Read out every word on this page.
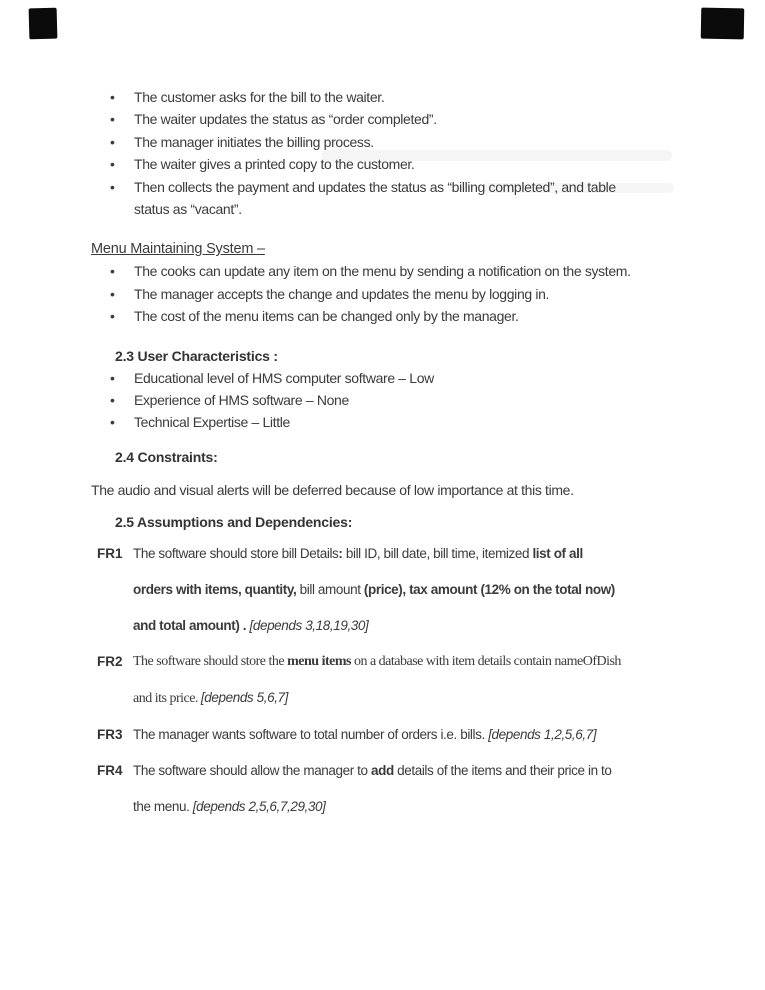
• The customer asks for the bill to the waiter.
• The waiter updates the status as “order completed”.
• The manager initiates the billing process.
• The waiter gives a printed copy to the customer.
• Then collects the payment and updates the status as “billing completed”, and table
status as “vacant”.
Menu Maintaining System –
• The cooks can update any item on the menu by sending a notification on the system.
• The manager accepts the change and updates the menu by logging in.
• The cost of the menu items can be changed only by the manager.
2.3 User Characteristics :
• Educational level of HMS computer software – Low
• Experience of HMS software – None
• Technical Expertise – Little
2.4 Constraints:

The audio and visual alerts will be deferred because of low importance at this time.

2.5 Assumptions and Dependencies:
FR1 The software should store bill Details: bill ID, bill date, bill time, itemized list of all
orders with items, quantity, bill amount (price), tax amount (12% on the total now)
and total amount) . [depends 3,18,19,30]
FR2 The software should store the menu items on a database with item details contain nameOfDish
and its price. [depends 5,6,7]
FR3 The manager wants software to total number of orders i.e. bills. [depends 1,2,5,6,7]
FR4 The software should allow the manager to add details of the items and their price in to
the menu. [depends 2,5,6,7,29,30]
